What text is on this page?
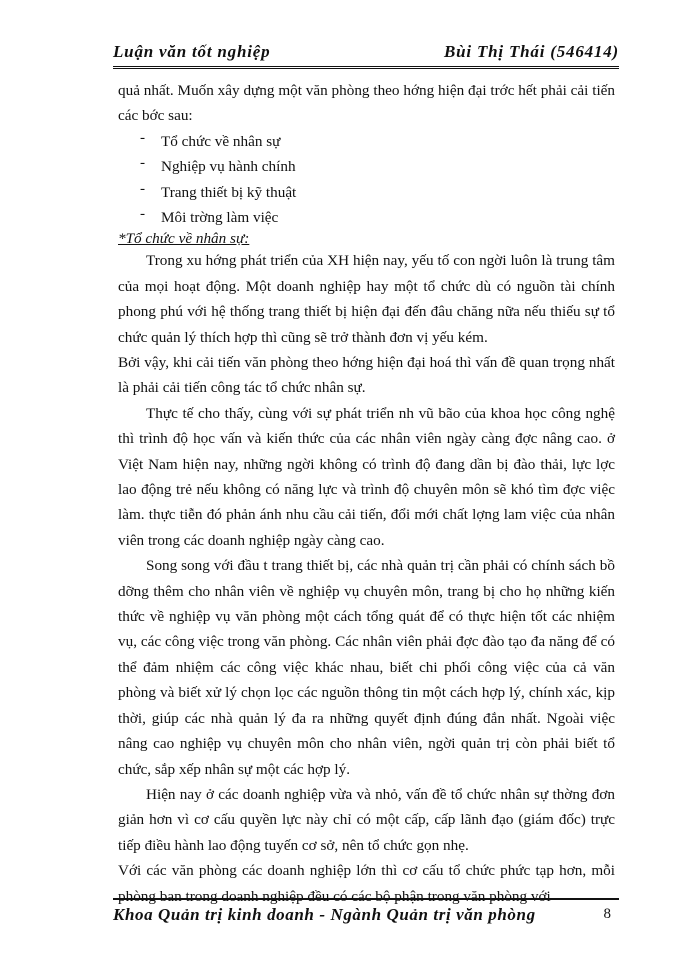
Luận văn tốt nghiệp	Bùi Thị Thái (546414)

quả nhất. Muốn xây dựng một văn phòng theo hớng hiện đại trớc hết phải cải tiến các bớc sau:

- Tổ chức về nhân sự
- Nghiệp vụ hành chính
- Trang thiết bị kỹ thuật
- Môi trờng làm việc

*Tổ chức về nhân sự:

Trong xu hớng phát triển của XH hiện nay, yếu tố con ngời luôn là trung tâm của mọi hoạt động. Một doanh nghiệp hay một tổ chức dù có nguồn tài chính phong phú với hệ thống trang thiết bị hiện đại đến đâu chăng nữa nếu thiếu sự tổ chức quản lý thích hợp thì cũng sẽ trở thành đơn vị yếu kém.

Bởi vậy, khi cải tiến văn phòng theo hớng hiện đại hoá thì vấn đề quan trọng nhất là phải cải tiến công tác tổ chức nhân sự.

Thực tế cho thấy, cùng với sự phát triển nh vũ bão của khoa học công nghệ thì trình độ học vấn và kiến thức của các nhân viên ngày càng đợc nâng cao. ở Việt Nam hiện nay, những ngời không có trình độ đang dần bị đào thải, lực lợc lao động trẻ nếu không có năng lực và trình độ chuyên môn sẽ khó tìm đợc việc làm. thực tiễn đó phản ánh nhu cầu cải tiến, đổi mới chất lợng lam việc của nhân viên trong các doanh nghiệp ngày càng cao.

Song song với đầu t trang thiết bị, các nhà quản trị cần phải có chính sách bồ dỡng thêm cho nhân viên về nghiệp vụ chuyên môn, trang bị cho họ những kiến thức về nghiệp vụ văn phòng một cách tổng quát để có thực hiện tốt các nhiệm vụ, các công việc trong văn phòng. Các nhân viên phải đợc đào tạo đa năng để có thể đảm nhiệm các công việc khác nhau, biết chi phối công việc của cả văn phòng và biết xử lý chọn lọc các nguồn thông tin một cách hợp lý, chính xác, kịp thời, giúp các nhà quản lý đa ra những quyết định đúng đắn nhất. Ngoài việc nâng cao nghiệp vụ chuyên môn cho nhân viên, ngời quản trị còn phải biết tổ chức, sắp xếp nhân sự một các hợp lý.

Hiện nay ở các doanh nghiệp vừa và nhỏ, vấn đề tổ chức nhân sự thờng đơn giản hơn vì cơ cấu quyền lực này chỉ có một cấp, cấp lãnh đạo (giám đốc) trực tiếp điều hành lao động tuyến cơ sở, nên tổ chức gọn nhẹ.

Với các văn phòng các doanh nghiệp lớn thì cơ cấu tổ chức phức tạp hơn, mỗi phòng ban trong doanh nghiệp đều có các bộ phận trong văn phòng với

Khoa Quản trị kinh doanh - Ngành Quản trị văn phòng	8
